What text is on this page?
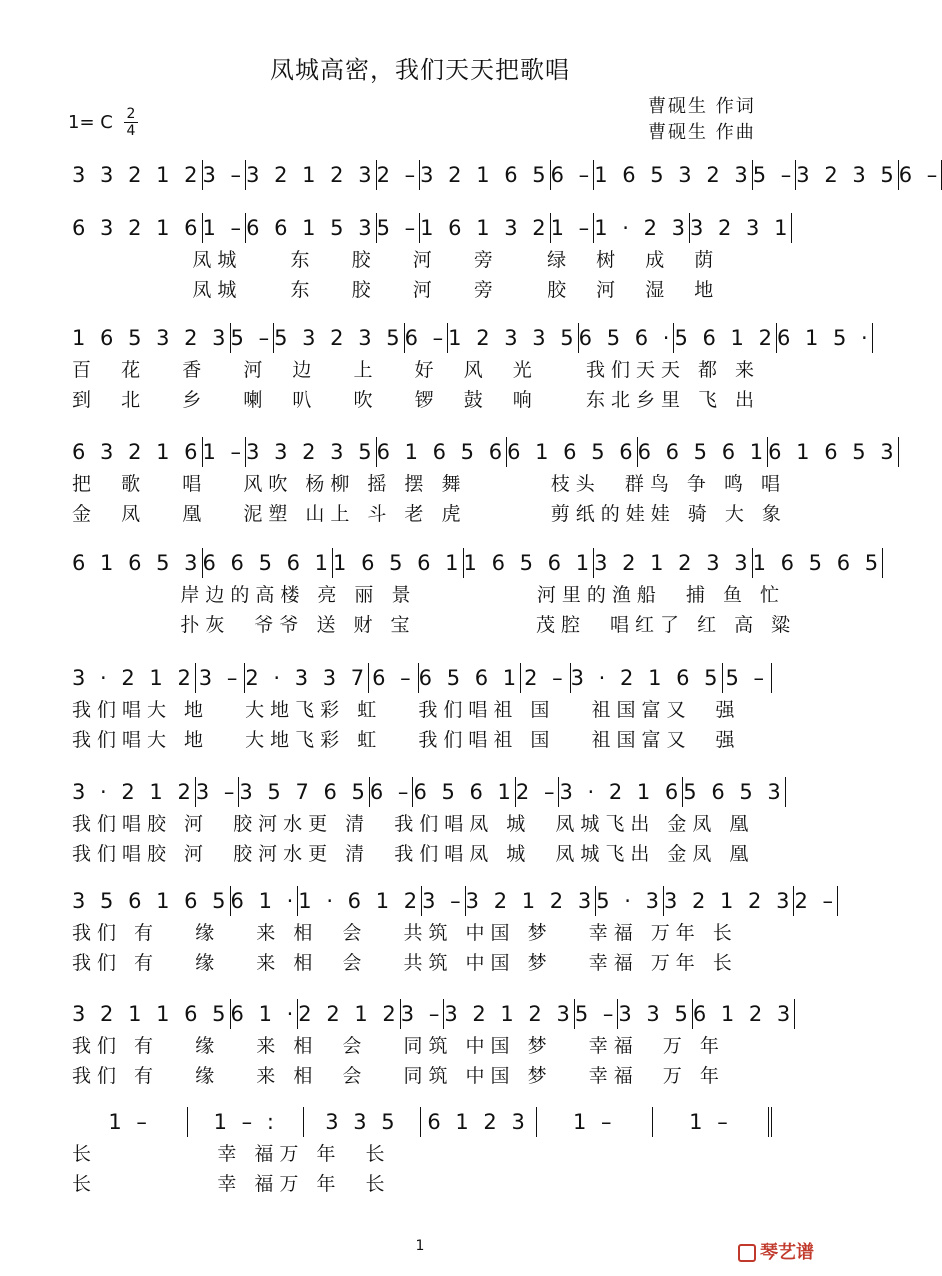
凤城高密，我们天天把歌唱
曹砚生 作词
曹砚生 作曲
1= C 2
4
3 3 2 1 2 3 – 3 2 1 2 3 2 – 3 2 1 6 5 6 – 1 6 5 3 2 3 5 – 3 2 3 5 6 –
6 3 2 1 6 1 – 6 6 1 5 3 5 – 1 6 1 3 2 1 – 1 · 2 3 3 2 3 1
凤城    东   胶   河   旁    绿  树  成  荫
凤城    东   胶   河   旁    胶  河  湿  地
1 6 5 3 2 3 5 – 5 3 2 3 5 6 – 1 2 3 3 5 6 5 6 · 5 6 1 2 6 1 5 ·
百  花   香   河  边   上   好  风  光    我们天天 都 来
到  北   乡   喇  叭   吹   锣  鼓  响    东北乡里 飞 出
6 3 2 1 6 1 – 3 3 2 3 5 6 1 6 5 6 6 1 6 5 6 6 6 5 6 1 6 1 6 5 3
把  歌   唱   风吹 杨柳 摇 摆 舞       枝头  群鸟 争 鸣 唱
金  凤   凰   泥塑 山上 斗 老 虎       剪纸的娃娃 骑 大 象
6 1 6 5 3 6 6 5 6 1 1 6 5 6 1 1 6 5 6 1 3 2 1 2 3 3 1 6 5 6 5
岸边的高楼 亮 丽 景          河里的渔船  捕 鱼 忙
扑灰  爷爷 送 财 宝          茂腔  唱红了 红 高 粱
3 · 2 1 2 3 – 2 · 3 3 7 6 – 6 5 6 1 2 – 3 · 2 1 6 5 5 –
我们唱大 地   大地飞彩 虹   我们唱祖 国   祖国富又  强
我们唱大 地   大地飞彩 虹   我们唱祖 国   祖国富又  强
3 · 2 1 2 3 – 3 5 7 6 5 6 – 6 5 6 1 2 – 3 · 2 1 6 5 6 5 3
我们唱胶 河  胶河水更 清  我们唱凤 城  凤城飞出 金凤 凰
我们唱胶 河  胶河水更 清  我们唱凤 城  凤城飞出 金凤 凰
3 5 6 1 6 5 6 1 · 1 · 6 1 2 3 – 3 2 1 2 3 5 · 3 3 2 1 2 3 2 –
我们 有   缘   来 相  会   共筑 中国 梦   幸福 万年 长
我们 有   缘   来 相  会   共筑 中国 梦   幸福 万年 长
3 2 1 1 6 5 6 1 · 2 2 1 2 3 – 3 2 1 2 3 5 – 3 3 5 6 1 2 3
我们 有   缘   来 相  会   同筑 中国 梦   幸福  万 年
我们 有   缘   来 相  会   同筑 中国 梦   幸福  万 年
1 –	1 – :	3 3 5	6 1 2 3	1 –	1 –
长          幸 福万 年  长
长          幸 福万 年  长
1	琴艺谱
